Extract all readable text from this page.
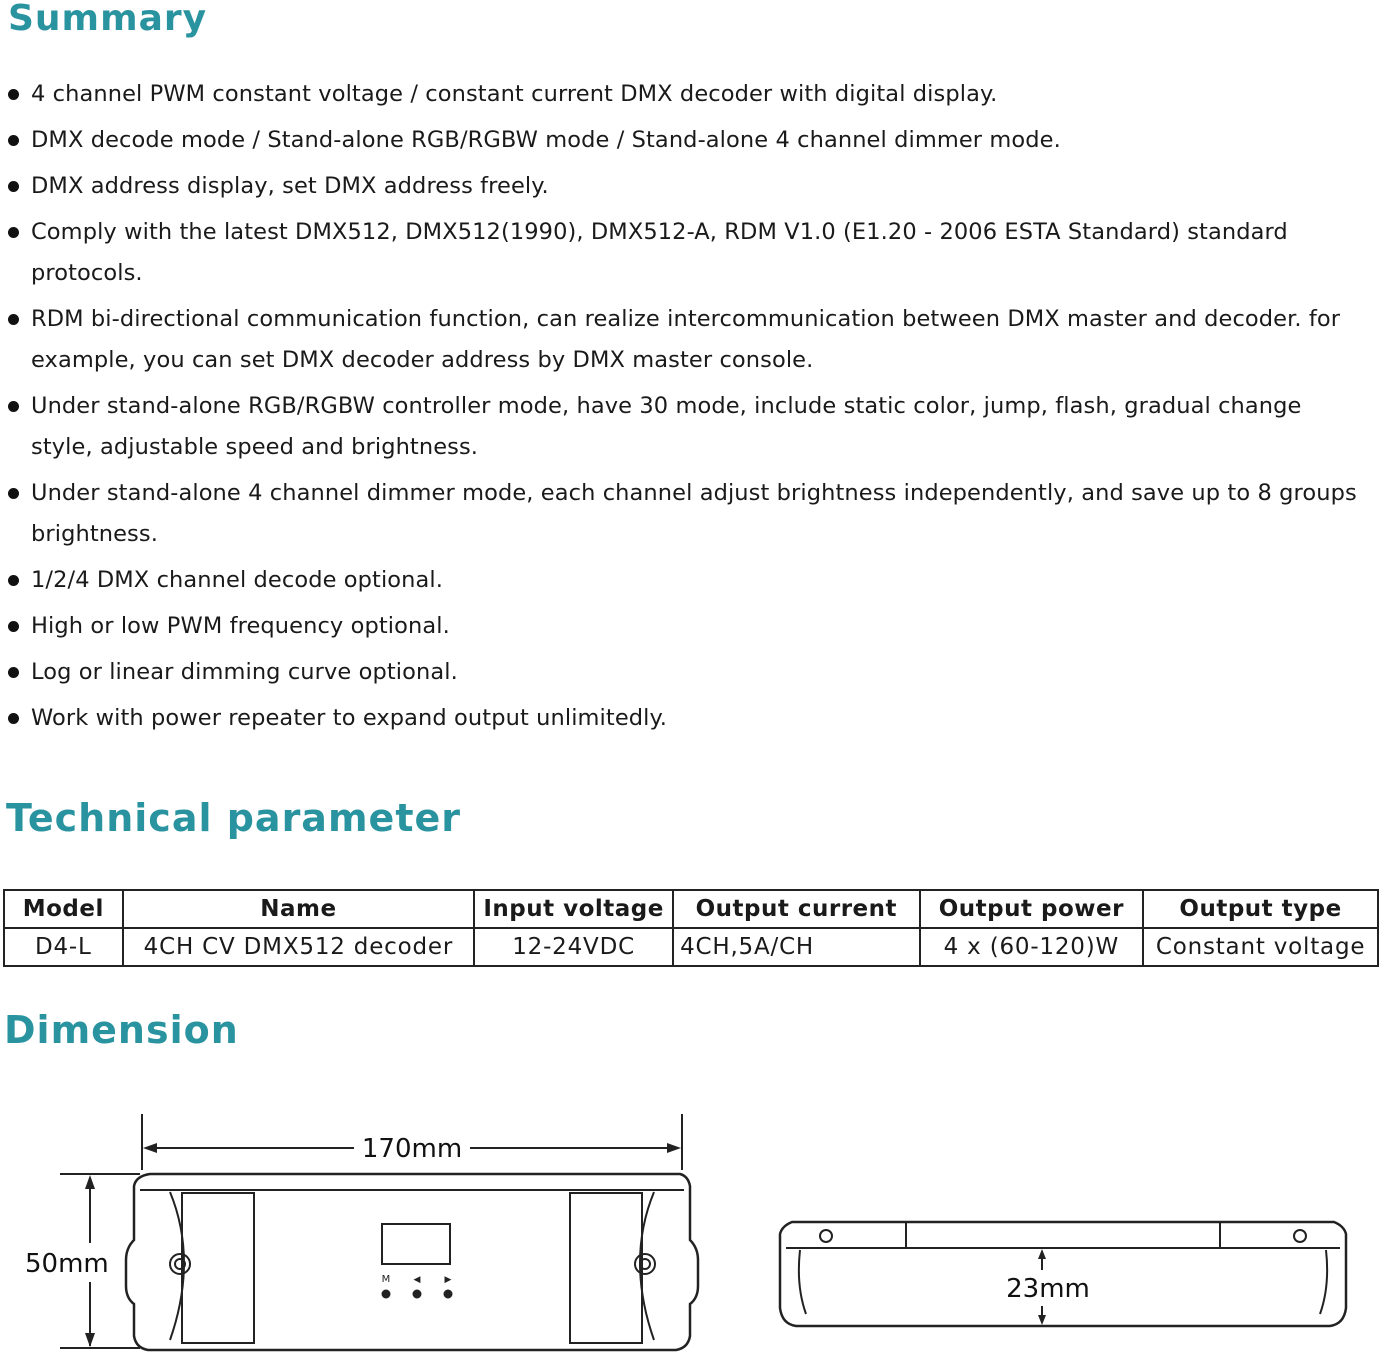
Summary
4 channel PWM constant voltage / constant current DMX decoder with digital display.
DMX decode mode / Stand-alone RGB/RGBW mode / Stand-alone 4 channel dimmer mode.
DMX address display, set DMX address freely.
Comply with the latest DMX512, DMX512(1990), DMX512-A, RDM V1.0 (E1.20 - 2006 ESTA Standard) standard protocols.
RDM bi-directional communication function, can realize intercommunication between DMX master and decoder. for example, you can set DMX decoder address by DMX master console.
Under stand-alone RGB/RGBW controller mode, have 30 mode, include static color, jump, flash, gradual change style, adjustable speed and brightness.
Under stand-alone 4 channel dimmer mode, each channel adjust brightness independently, and save up to 8 groups brightness.
1/2/4 DMX channel decode optional.
High or low PWM frequency optional.
Log or linear dimming curve optional.
Work with power repeater to expand output unlimitedly.
Technical parameter
Model	Name	Input voltage	Output current	Output power	Output type
D4-L	4CH CV DMX512 decoder	12-24VDC	4CH,5A/CH	4 x (60-120)W	Constant voltage
Dimension
170mm
50mm
23mm
M	◀	▶
